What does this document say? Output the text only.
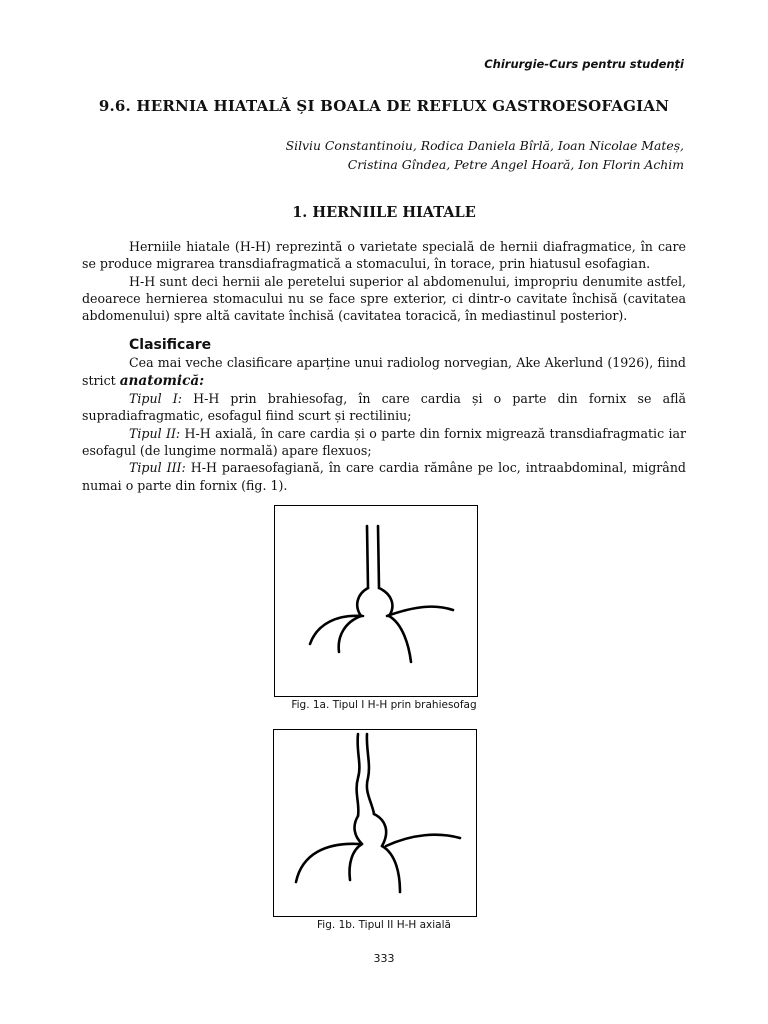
Chirurgie-Curs pentru studenți
9.6. HERNIA HIATALĂ ȘI BOALA DE REFLUX GASTROESOFAGIAN
Silviu Constantinoiu, Rodica Daniela Bîrlă, Ioan Nicolae Mateș,
Cristina Gîndea, Petre Angel Hoară, Ion Florin Achim
1. HERNIILE HIATALE

Herniile hiatale (H-H) reprezintă o varietate specială de hernii diafragmatice, în care se produce migrarea transdiafragmatică a stomacului, în torace, prin hiatusul esofagian.

H-H sunt deci hernii ale peretelui superior al abdomenului, impropriu denumite astfel, deoarece hernierea stomacului nu se face spre exterior, ci dintr-o cavitate închisă (cavitatea abdomenului) spre altă cavitate închisă (cavitatea toracică, în mediastinul posterior).

Clasificare

Cea mai veche clasificare aparține unui radiolog norvegian, Ake Akerlund (1926), fiind strict anatomică:

Tipul I: H-H prin brahiesofag, în care cardia și o parte din fornix se află supradiafragmatic, esofagul fiind scurt și rectiliniu;

Tipul II: H-H axială, în care cardia și o parte din fornix migrează transdiafragmatic iar esofagul (de lungime normală) apare flexuos;

Tipul III: H-H paraesofagiană, în care cardia rămâne pe loc, intraabdominal, migrând numai o parte din fornix (fig. 1).

Fig. 1a. Tipul I H-H prin brahiesofag
Fig. 1b. Tipul II H-H axială
333
